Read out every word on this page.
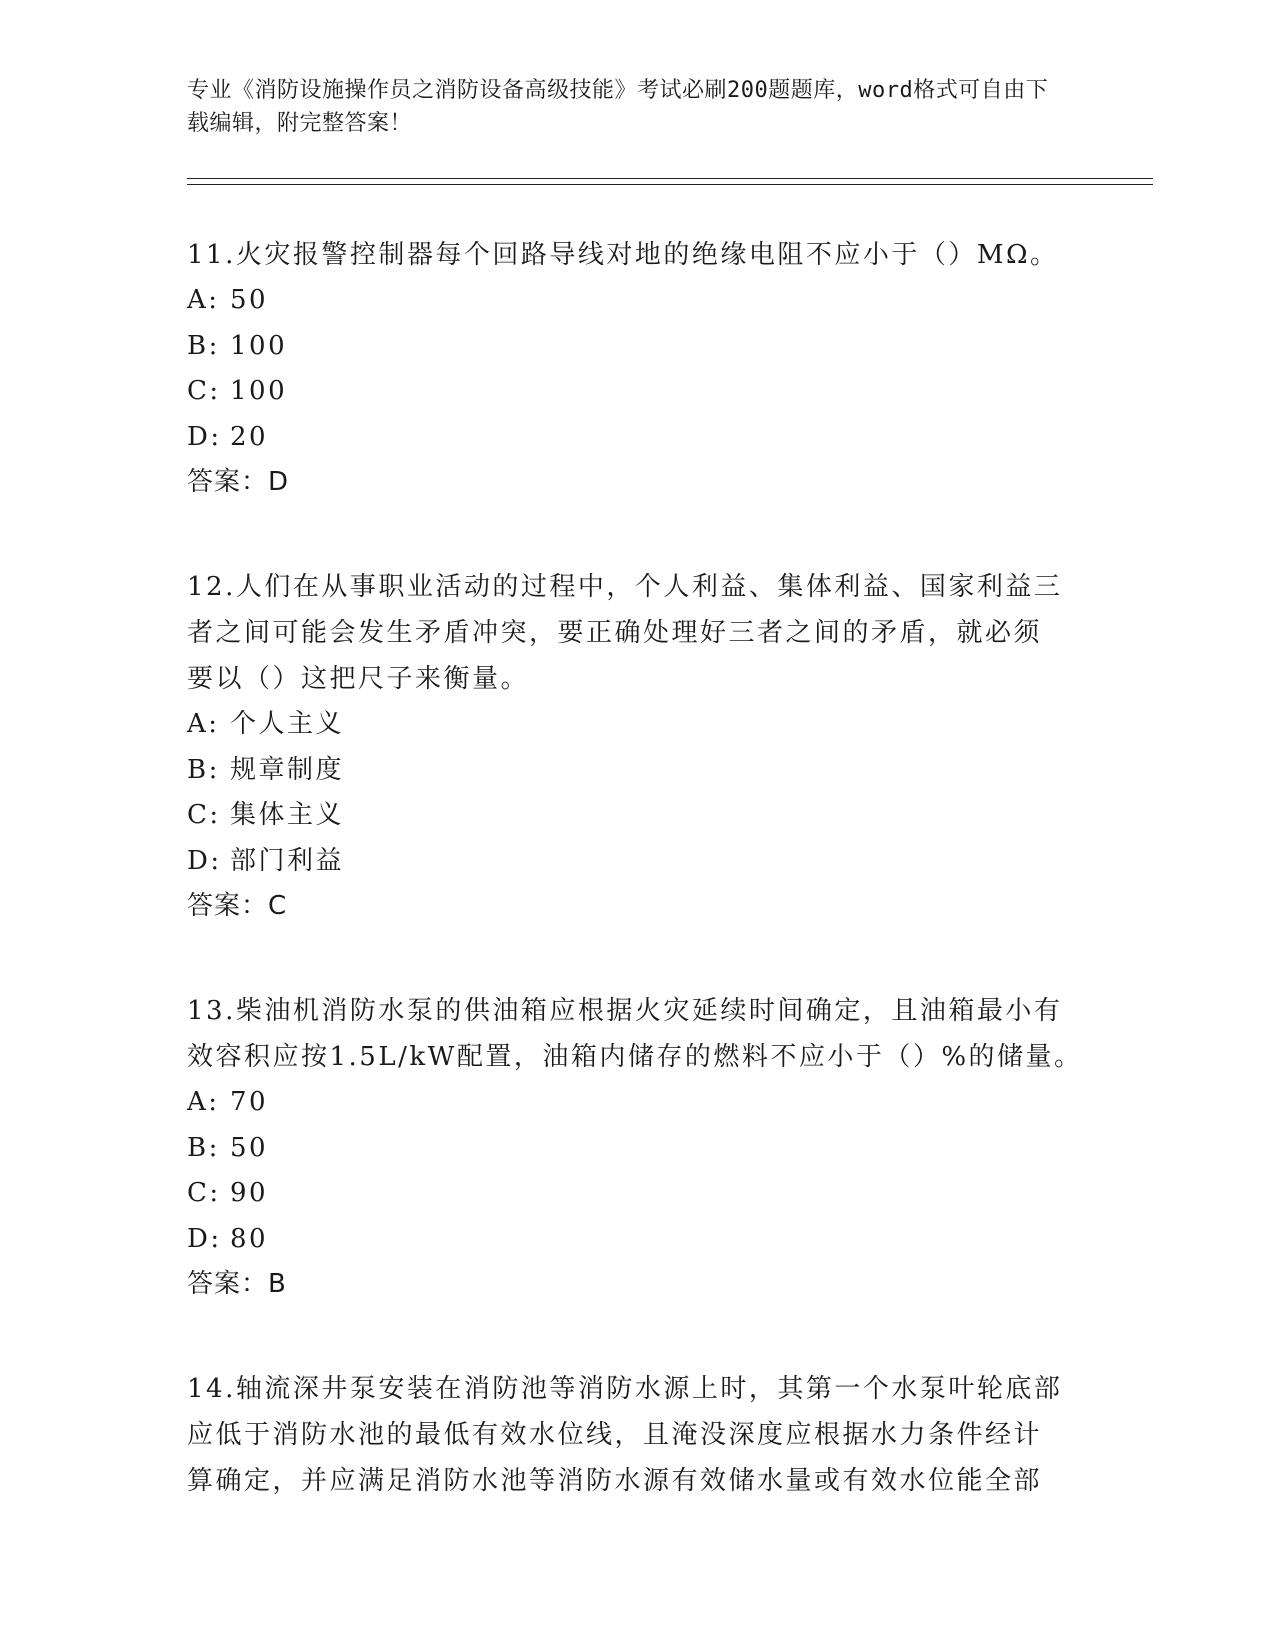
专业《消防设施操作员之消防设备高级技能》考试必刷200题题库，word格式可自由下载编辑，附完整答案！

11.火灾报警控制器每个回路导线对地的绝缘电阻不应小于（）MΩ。

A: 50

B: 100

C: 100

D: 20

答案：D

12.人们在从事职业活动的过程中，个人利益、集体利益、国家利益三

者之间可能会发生矛盾冲突，要正确处理好三者之间的矛盾，就必须

要以（）这把尺子来衡量。

A: 个人主义

B: 规章制度

C: 集体主义

D: 部门利益

答案：C

13.柴油机消防水泵的供油箱应根据火灾延续时间确定，且油箱最小有

效容积应按1.5L/kW配置，油箱内储存的燃料不应小于（）%的储量。

A: 70

B: 50

C: 90

D: 80

答案：B

14.轴流深井泵安装在消防池等消防水源上时，其第一个水泵叶轮底部

应低于消防水池的最低有效水位线，且淹没深度应根据水力条件经计

算确定，并应满足消防水池等消防水源有效储水量或有效水位能全部
